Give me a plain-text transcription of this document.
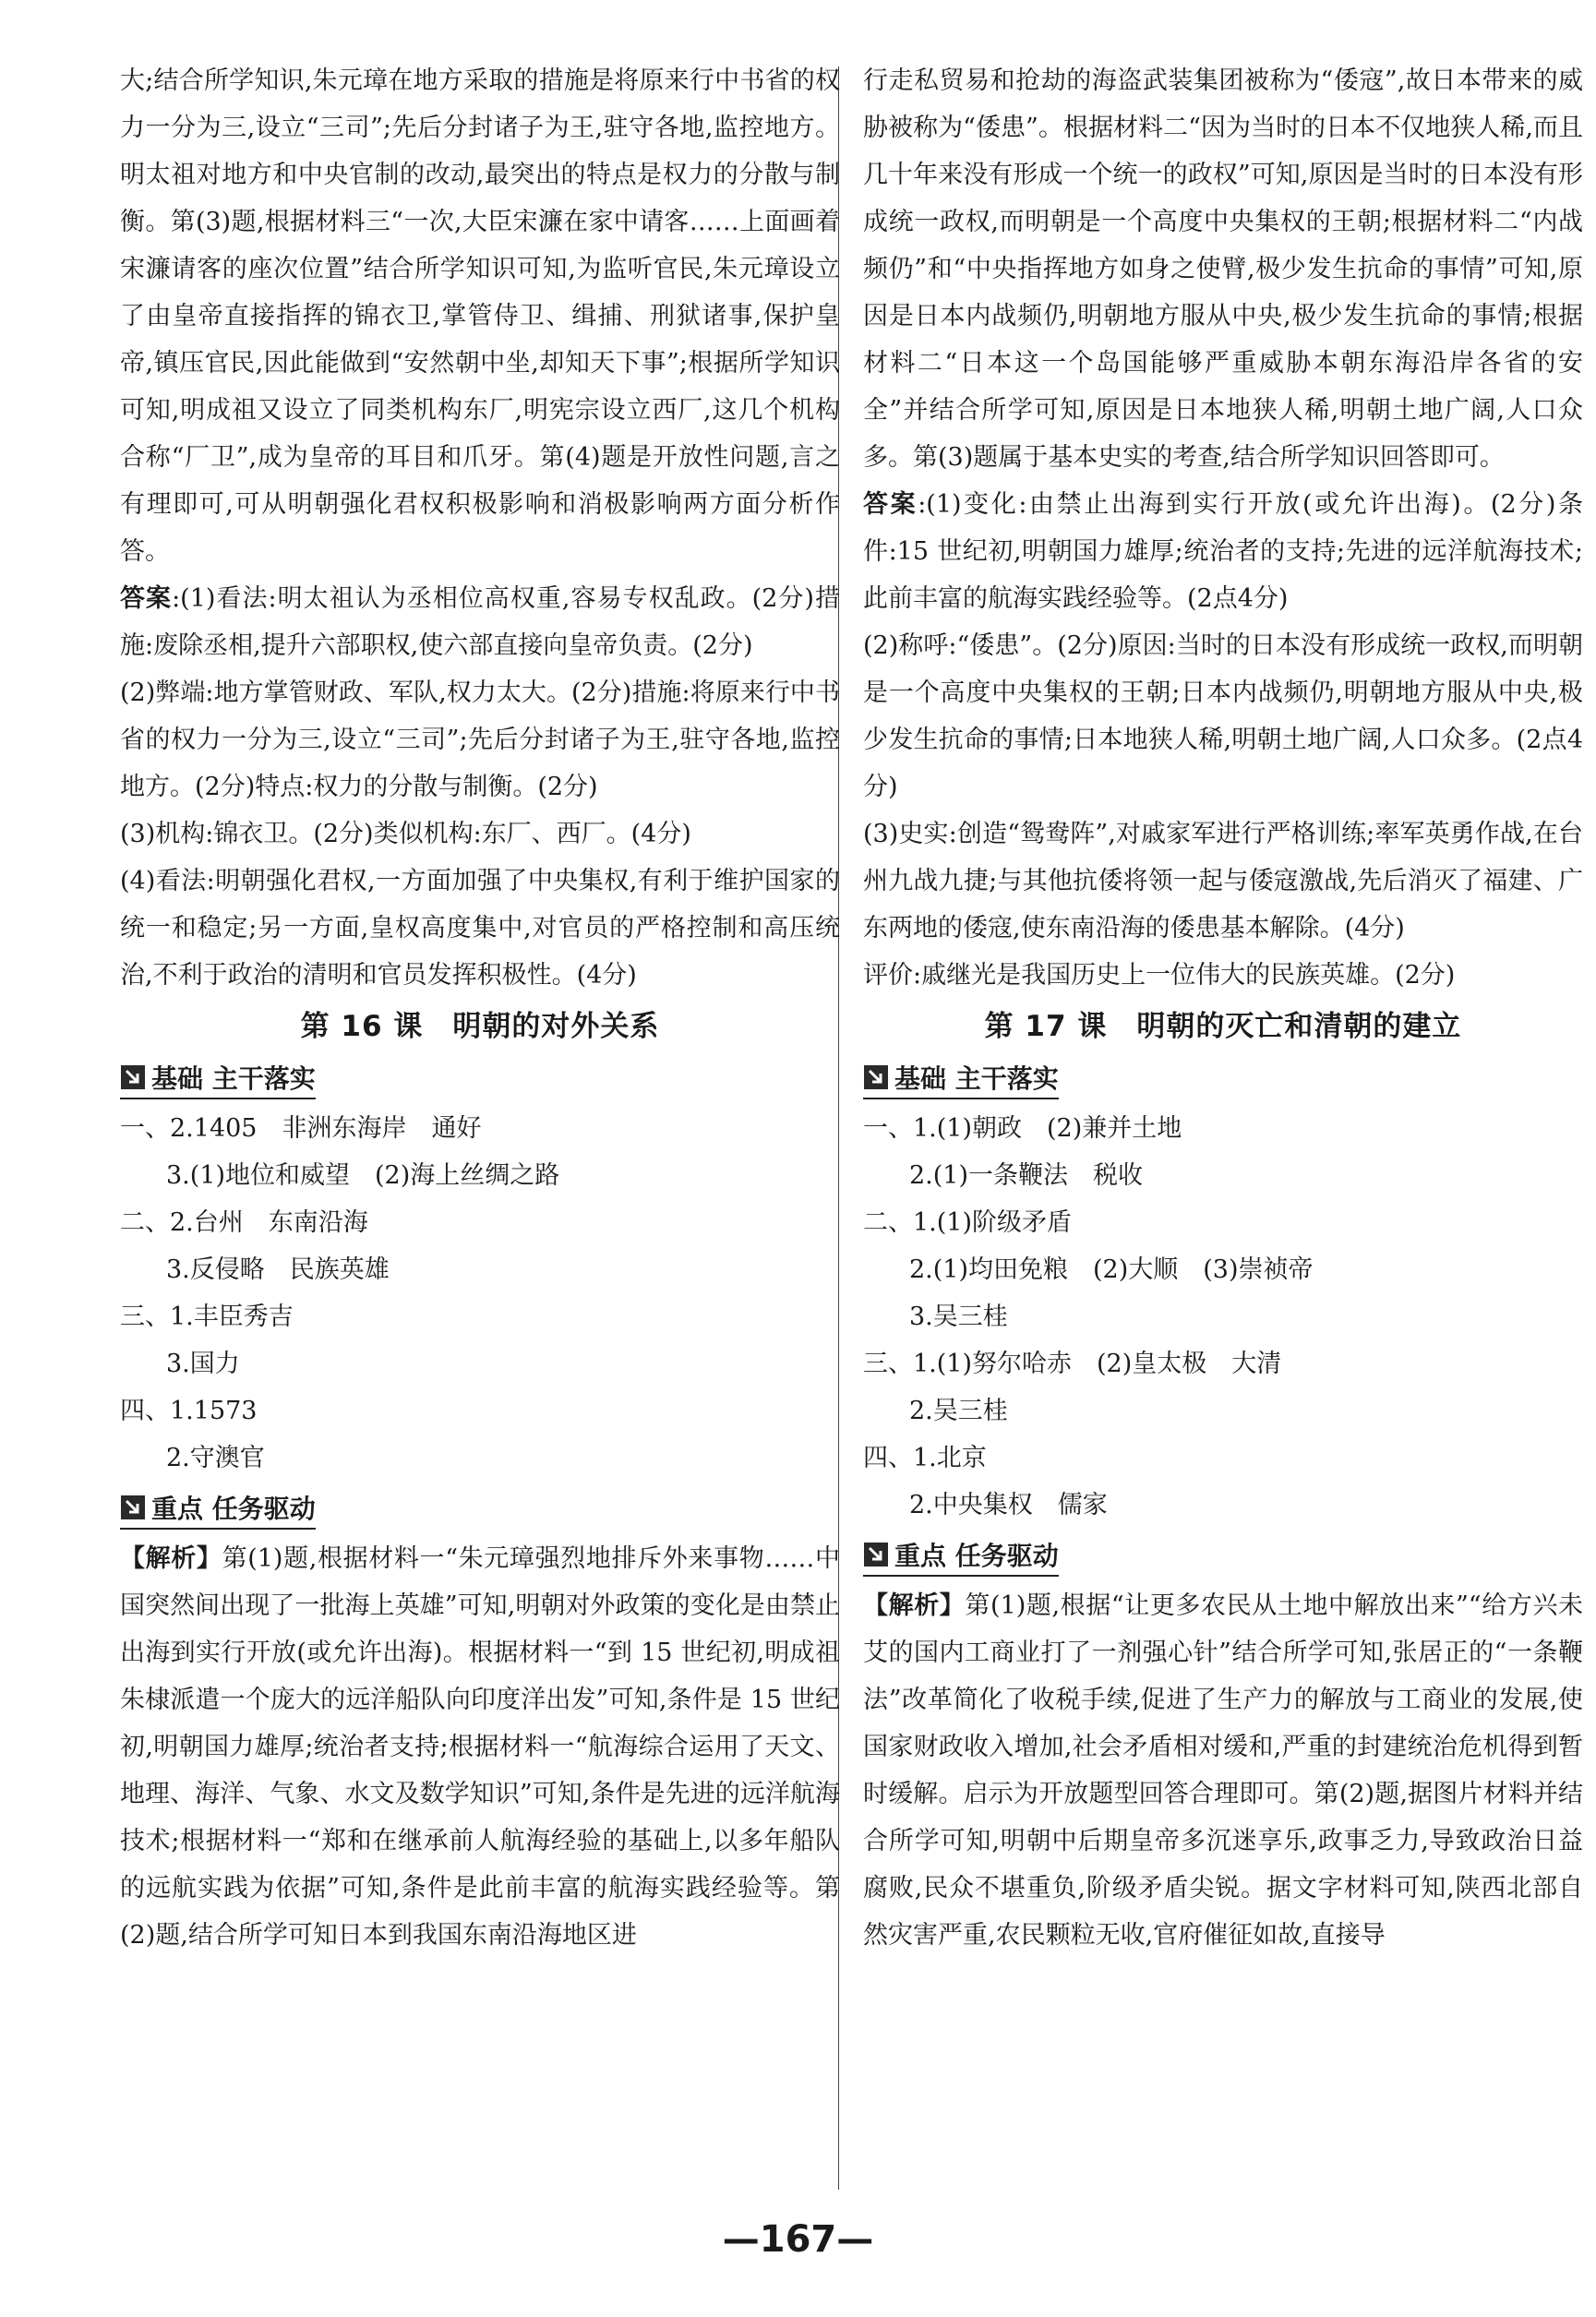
大;结合所学知识,朱元璋在地方采取的措施是将原来行中书省的权力一分为三,设立“三司”;先后分封诸子为王,驻守各地,监控地方。明太祖对地方和中央官制的改动,最突出的特点是权力的分散与制衡。第(3)题,根据材料三“一次,大臣宋濂在家中请客……上面画着宋濂请客的座次位置”结合所学知识可知,为监听官民,朱元璋设立了由皇帝直接指挥的锦衣卫,掌管侍卫、缉捕、刑狱诸事,保护皇帝,镇压官民,因此能做到“安然朝中坐,却知天下事”;根据所学知识可知,明成祖又设立了同类机构东厂,明宪宗设立西厂,这几个机构合称“厂卫”,成为皇帝的耳目和爪牙。第(4)题是开放性问题,言之有理即可,可从明朝强化君权积极影响和消极影响两方面分析作答。

答案:(1)看法:明太祖认为丞相位高权重,容易专权乱政。(2分)措施:废除丞相,提升六部职权,使六部直接向皇帝负责。(2分)

(2)弊端:地方掌管财政、军队,权力太大。(2分)措施:将原来行中书省的权力一分为三,设立“三司”;先后分封诸子为王,驻守各地,监控地方。(2分)特点:权力的分散与制衡。(2分)

(3)机构:锦衣卫。(2分)类似机构:东厂、西厂。(4分)

(4)看法:明朝强化君权,一方面加强了中央集权,有利于维护国家的统一和稳定;另一方面,皇权高度集中,对官员的严格控制和高压统治,不利于政治的清明和官员发挥积极性。(4分)

第 16 课　明朝的对外关系
基础 主干落实

一、2.1405　非洲东海岸　通好

3.(1)地位和威望　(2)海上丝绸之路

二、2.台州　东南沿海

3.反侵略　民族英雄

三、1.丰臣秀吉

3.国力

四、1.1573

2.守澳官

重点 任务驱动

【解析】第(1)题,根据材料一“朱元璋强烈地排斥外来事物……中国突然间出现了一批海上英雄”可知,明朝对外政策的变化是由禁止出海到实行开放(或允许出海)。根据材料一“到 15 世纪初,明成祖朱棣派遣一个庞大的远洋船队向印度洋出发”可知,条件是 15 世纪初,明朝国力雄厚;统治者支持;根据材料一“航海综合运用了天文、地理、海洋、气象、水文及数学知识”可知,条件是先进的远洋航海技术;根据材料一“郑和在继承前人航海经验的基础上,以多年船队的远航实践为依据”可知,条件是此前丰富的航海实践经验等。第(2)题,结合所学可知日本到我国东南沿海地区进

行走私贸易和抢劫的海盗武装集团被称为“倭寇”,故日本带来的威胁被称为“倭患”。根据材料二“因为当时的日本不仅地狭人稀,而且几十年来没有形成一个统一的政权”可知,原因是当时的日本没有形成统一政权,而明朝是一个高度中央集权的王朝;根据材料二“内战频仍”和“中央指挥地方如身之使臂,极少发生抗命的事情”可知,原因是日本内战频仍,明朝地方服从中央,极少发生抗命的事情;根据材料二“日本这一个岛国能够严重威胁本朝东海沿岸各省的安全”并结合所学可知,原因是日本地狭人稀,明朝土地广阔,人口众多。第(3)题属于基本史实的考查,结合所学知识回答即可。

答案:(1)变化:由禁止出海到实行开放(或允许出海)。(2分)条件:15 世纪初,明朝国力雄厚;统治者的支持;先进的远洋航海技术;此前丰富的航海实践经验等。(2点4分)

(2)称呼:“倭患”。(2分)原因:当时的日本没有形成统一政权,而明朝是一个高度中央集权的王朝;日本内战频仍,明朝地方服从中央,极少发生抗命的事情;日本地狭人稀,明朝土地广阔,人口众多。(2点4分)

(3)史实:创造“鸳鸯阵”,对戚家军进行严格训练;率军英勇作战,在台州九战九捷;与其他抗倭将领一起与倭寇激战,先后消灭了福建、广东两地的倭寇,使东南沿海的倭患基本解除。(4分)

评价:戚继光是我国历史上一位伟大的民族英雄。(2分)

第 17 课　明朝的灭亡和清朝的建立
基础 主干落实

一、1.(1)朝政　(2)兼并土地

2.(1)一条鞭法　税收

二、1.(1)阶级矛盾

2.(1)均田免粮　(2)大顺　(3)崇祯帝

3.吴三桂

三、1.(1)努尔哈赤　(2)皇太极　大清

2.吴三桂

四、1.北京

2.中央集权　儒家

重点 任务驱动

【解析】第(1)题,根据“让更多农民从土地中解放出来”“给方兴未艾的国内工商业打了一剂强心针”结合所学可知,张居正的“一条鞭法”改革简化了收税手续,促进了生产力的解放与工商业的发展,使国家财政收入增加,社会矛盾相对缓和,严重的封建统治危机得到暂时缓解。启示为开放题型回答合理即可。第(2)题,据图片材料并结合所学可知,明朝中后期皇帝多沉迷享乐,政事乏力,导致政治日益腐败,民众不堪重负,阶级矛盾尖锐。据文字材料可知,陕西北部自然灾害严重,农民颗粒无收,官府催征如故,直接导

—167—
